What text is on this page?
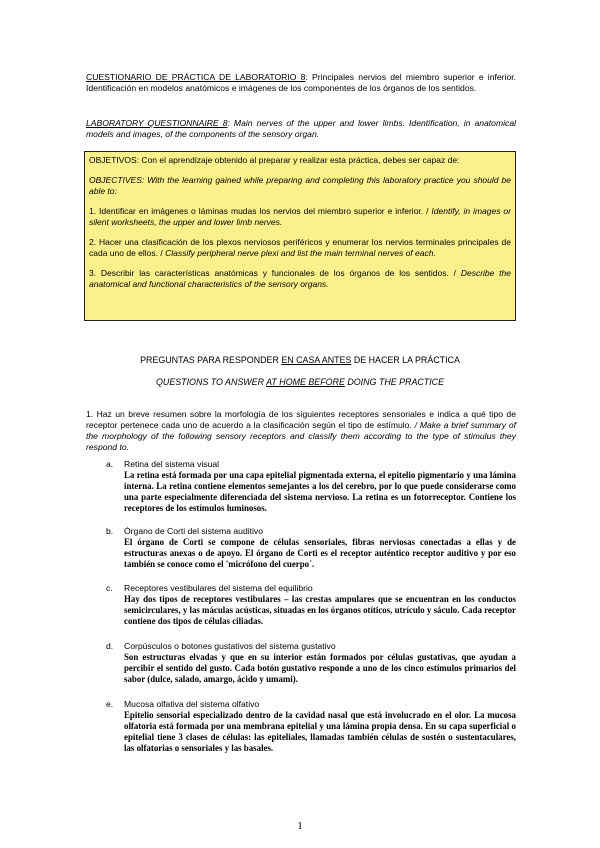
CUESTIONARIO DE PRÁCTICA DE LABORATORIO 8: Principales nervios del miembro superior e inferior. Identificación en modelos anatómicos e imágenes de los componentes de los órganos de los sentidos.
LABORATORY QUESTIONNAIRE 8: Main nerves of the upper and lower limbs. Identification, in anatomical models and images, of the components of the sensory organ.

OBJETIVOS: Con el aprendizaje obtenido al preparar y realizar esta práctica, debes ser capaz de:

OBJECTIVES: With the learning gained while preparing and completing this laboratory practice you should be able to:

1. Identificar en imágenes o láminas mudas los nervios del miembro superior e inferior. / Identify, in images or silent worksheets, the upper and lower limb nerves.

2. Hacer una clasificación de los plexos nerviosos periféricos y enumerar los nervios terminales principales de cada uno de ellos. / Classify peripheral nerve plexi and list the main terminal nerves of each.

3. Describir las características anatómicas y funcionales de los órganos de los sentidos. / Describe the anatomical and functional characteristics of the sensory organs.

PREGUNTAS PARA RESPONDER EN CASA ANTES DE HACER LA PRÁCTICA
QUESTIONS TO ANSWER AT HOME BEFORE DOING THE PRACTICE
1. Haz un breve resumen sobre la morfología de los siguientes receptores sensoriales e indica a qué tipo de receptor pertenece cada uno de acuerdo a la clasificación según el tipo de estímulo. / Make a brief summary of the morphology of the following sensory receptors and classify them according to the type of stimulus they respond to.
a. Retina del sistema visual
La retina está formada por una capa epitelial pigmentada externa, el epitelio pigmentario y una lámina interna. La retina contiene elementos semejantes a los del cerebro, por lo que puede considerarse como una parte especialmente diferenciada del sistema nervioso. La retina es un fotorreceptor. Contiene los receptores de los estímulos luminosos.
b. Órgano de Corti del sistema auditivo
El órgano de Corti se compone de células sensoriales, fibras nerviosas conectadas a ellas y de estructuras anexas o de apoyo. El órgano de Corti es el receptor auténtico receptor auditivo y por eso también se conoce como el 'micrófono del cuerpo´.
c. Receptores vestibulares del sistema del equilibrio
Hay dos tipos de receptores vestibulares – las crestas ampulares que se encuentran en los conductos semicirculares, y las máculas acústicas, situadas en los órganos otíticos, utrículo y sáculo. Cada receptor contiene dos tipos de células ciliadas.
d. Corpúsculos o botones gustativos del sistema gustativo
Son estructuras elvadas y que en su interior están formados por células gustativas, que ayudan a percibir el sentido del gusto. Cada botón gustativo responde a uno de los cinco estímulos primarios del sabor (dulce, salado, amargo, ácido y umami).
e. Mucosa olfativa del sistema olfativo
Epitelio sensorial especializado dentro de la cavidad nasal que está involucrado en el olor. La mucosa olfatoria está formada por una membrana epitelial y una lámina propia densa. En su capa superficial o epitelial tiene 3 clases de células: las epiteliales, llamadas también células de sostén o sustentaculares, las olfatorias o sensoriales y las basales.
1
